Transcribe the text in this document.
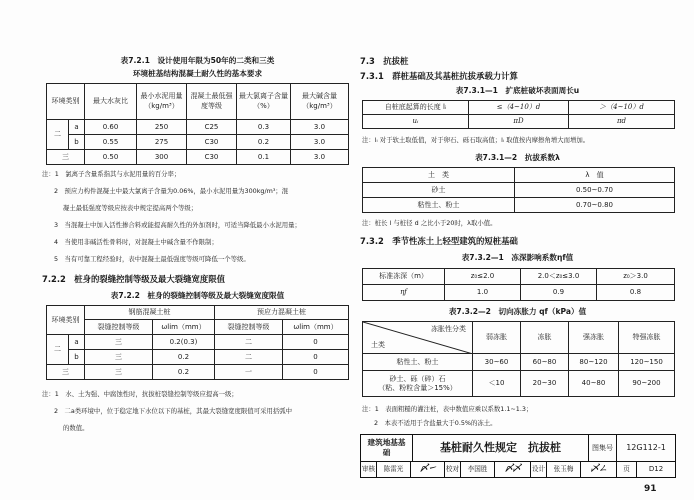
表7.2.1　设计使用年限为50年的二类和三类
环境桩基结构混凝土耐久性的基本要求
环境类别		最大水灰比	最小水泥用量（kg/m³）	混凝土最低强度等级	最大氯离子含量（%）	最大碱含量（kg/m³）
二	a	0.60	250	C25	0.3	3.0
	b	0.55	275	C30	0.2	3.0
三		0.50	300	C30	0.1	3.0
注：1　氯离子含量系指其与水泥用量的百分率；
2　预应力构件混凝土中最大氯离子含量为0.06%，最小水泥用量为300kg/m³；混
凝土最低强度等级应按表中规定提高两个等级；
3　当混凝土中加入活性掺合料或能提高耐久性的外加剂时，可适当降低最小水泥用量；
4　当使用非碱活性骨料时，对混凝土中碱含量不作限制；
5　当有可靠工程经验时，表中混凝土最低强度等级可降低一个等级。
7.2.2　桩身的裂缝控制等级及最大裂缝宽度限值
表7.2.2　桩身的裂缝控制等级及最大裂缝宽度限值
环境类别		钢筋混凝土桩		预应力混凝土桩	
		裂缝控制等级	ωlim（mm）	裂缝控制等级	ωlim（mm）
二	a	三	0.2(0.3)	二	0
	b	三	0.2	二	0
三		三	0.2	一	0
注：1　水、土为强、中腐蚀性时，抗拔桩裂缝控制等级应提高一级；
2　二a类环境中，位于稳定地下水位以下的基桩，其最大裂缝宽度限值可采用括弧中
的数值。
7.3　抗拔桩
7.3.1　群桩基础及其基桩抗拔承载力计算
表7.3.1—1　扩底桩破坏表面周长u
自桩底起算的长度 lᵢ	≤（4~10）d	＞（4~10）d
uᵢ	πD	πd
注：lᵢ 对于软土取低值，对于卵石、砾石取高值；lᵢ 取值按内摩擦角增大而增加。
表7.3.1—2　抗拔系数λ
土　类	λ　值
砂土	0.50~0.70
粘性土、粉土	0.70~0.80
注：桩长 l 与桩径 d 之比小于20时，λ取小值。
7.3.2　季节性冻土上轻型建筑的短桩基础
表7.3.2—1　冻深影响系数ηf值
标准冻深（m）	z₀≤2.0	2.0＜z₀≤3.0	z₀＞3.0
ηf	1.0	0.9	0.8
表7.3.2—2　切向冻胀力 qf（kPa）值
冻胀性分类
土类	弱冻胀	冻胀	强冻胀	特强冻胀
粘性土、粉土	30~60	60~80	80~120	120~150

砂土、砾（碎）石
（粘、粉粒含量＞15%）	＜10	20~30	40~80	90~200
注：1　表面粗糙的灌注桩，表中数值应乘以系数1.1~1.3；
2　本表不适用于含盐量大于0.5%的冻土。
建筑地基基础	基桩耐久性规定　抗拔桩	图集号	12G112-1
审核	陈雷光	〆㇀ 校对	李国胜	〆乄 设计	张玉梅	乄ㄥ	页	D12
91
